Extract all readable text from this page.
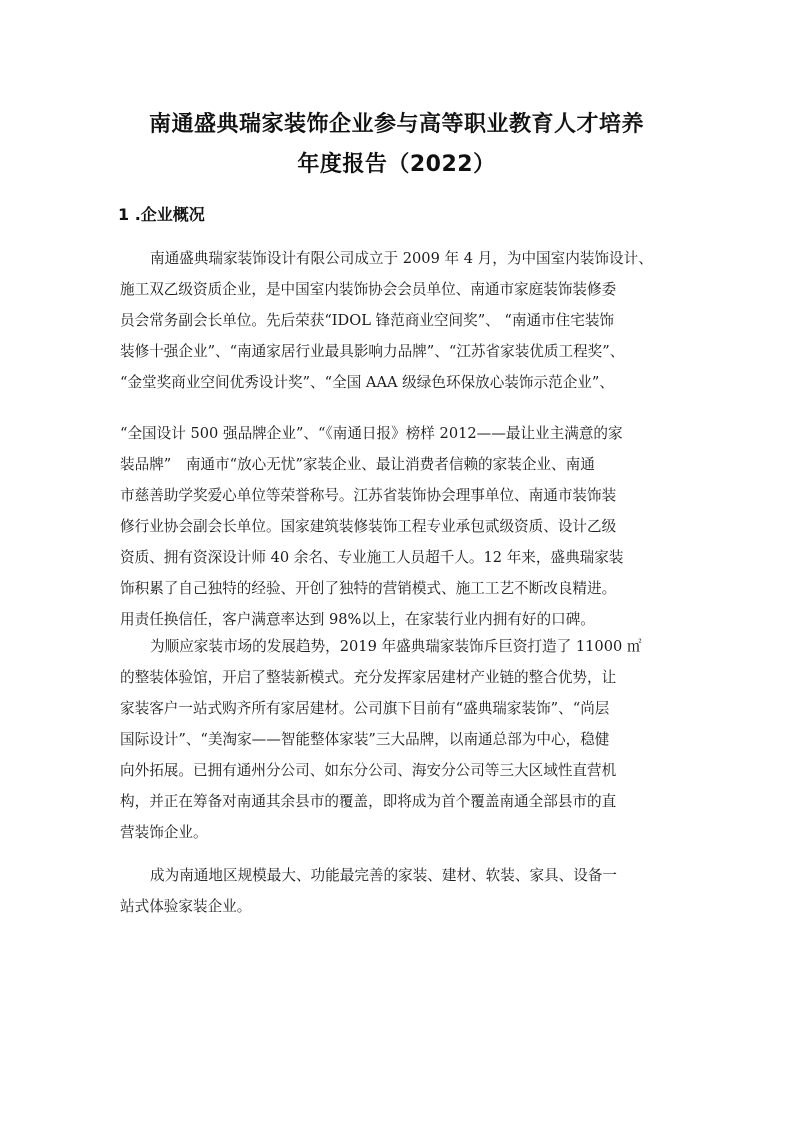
南通盛典瑞家装饰企业参与高等职业教育人才培养
年度报告（2022）
1 .企业概况
南通盛典瑞家装饰设计有限公司成立于 2009 年 4 月，为中国室内装饰设计、
施工双乙级资质企业，是中国室内装饰协会会员单位、南通市家庭装饰装修委
员会常务副会长单位。先后荣获“IDOL 锋范商业空间奖”、 “南通市住宅装饰
装修十强企业”、“南通家居行业最具影响力品牌”、“江苏省家装优质工程奖”、
“金堂奖商业空间优秀设计奖”、“全国 AAA 级绿色环保放心装饰示范企业”、
“全国设计 500 强品牌企业”、“《南通日报》榜样 2012——最让业主满意的家
装品牌”　南通市“放心无忧”家装企业、最让消费者信赖的家装企业、南通
市慈善助学奖爱心单位等荣誉称号。江苏省装饰协会理事单位、南通市装饰装
修行业协会副会长单位。国家建筑装修装饰工程专业承包贰级资质、设计乙级
资质、拥有资深设计师 40 余名、专业施工人员超千人。12 年来，盛典瑞家装
饰积累了自己独特的经验、开创了独特的营销模式、施工工艺不断改良精进。
用责任换信任，客户满意率达到 98%以上，在家装行业内拥有好的口碑。
为顺应家装市场的发展趋势，2019 年盛典瑞家装饰斥巨资打造了 11000 ㎡
的整装体验馆，开启了整装新模式。充分发挥家居建材产业链的整合优势，让
家装客户一站式购齐所有家居建材。公司旗下目前有“盛典瑞家装饰”、“尚层
国际设计”、“美淘家——智能整体家装”三大品牌，以南通总部为中心，稳健
向外拓展。已拥有通州分公司、如东分公司、海安分公司等三大区域性直营机
构，并正在筹备对南通其余县市的覆盖，即将成为首个覆盖南通全部县市的直
营装饰企业。
成为南通地区规模最大、功能最完善的家装、建材、软装、家具、设备一
站式体验家装企业。
